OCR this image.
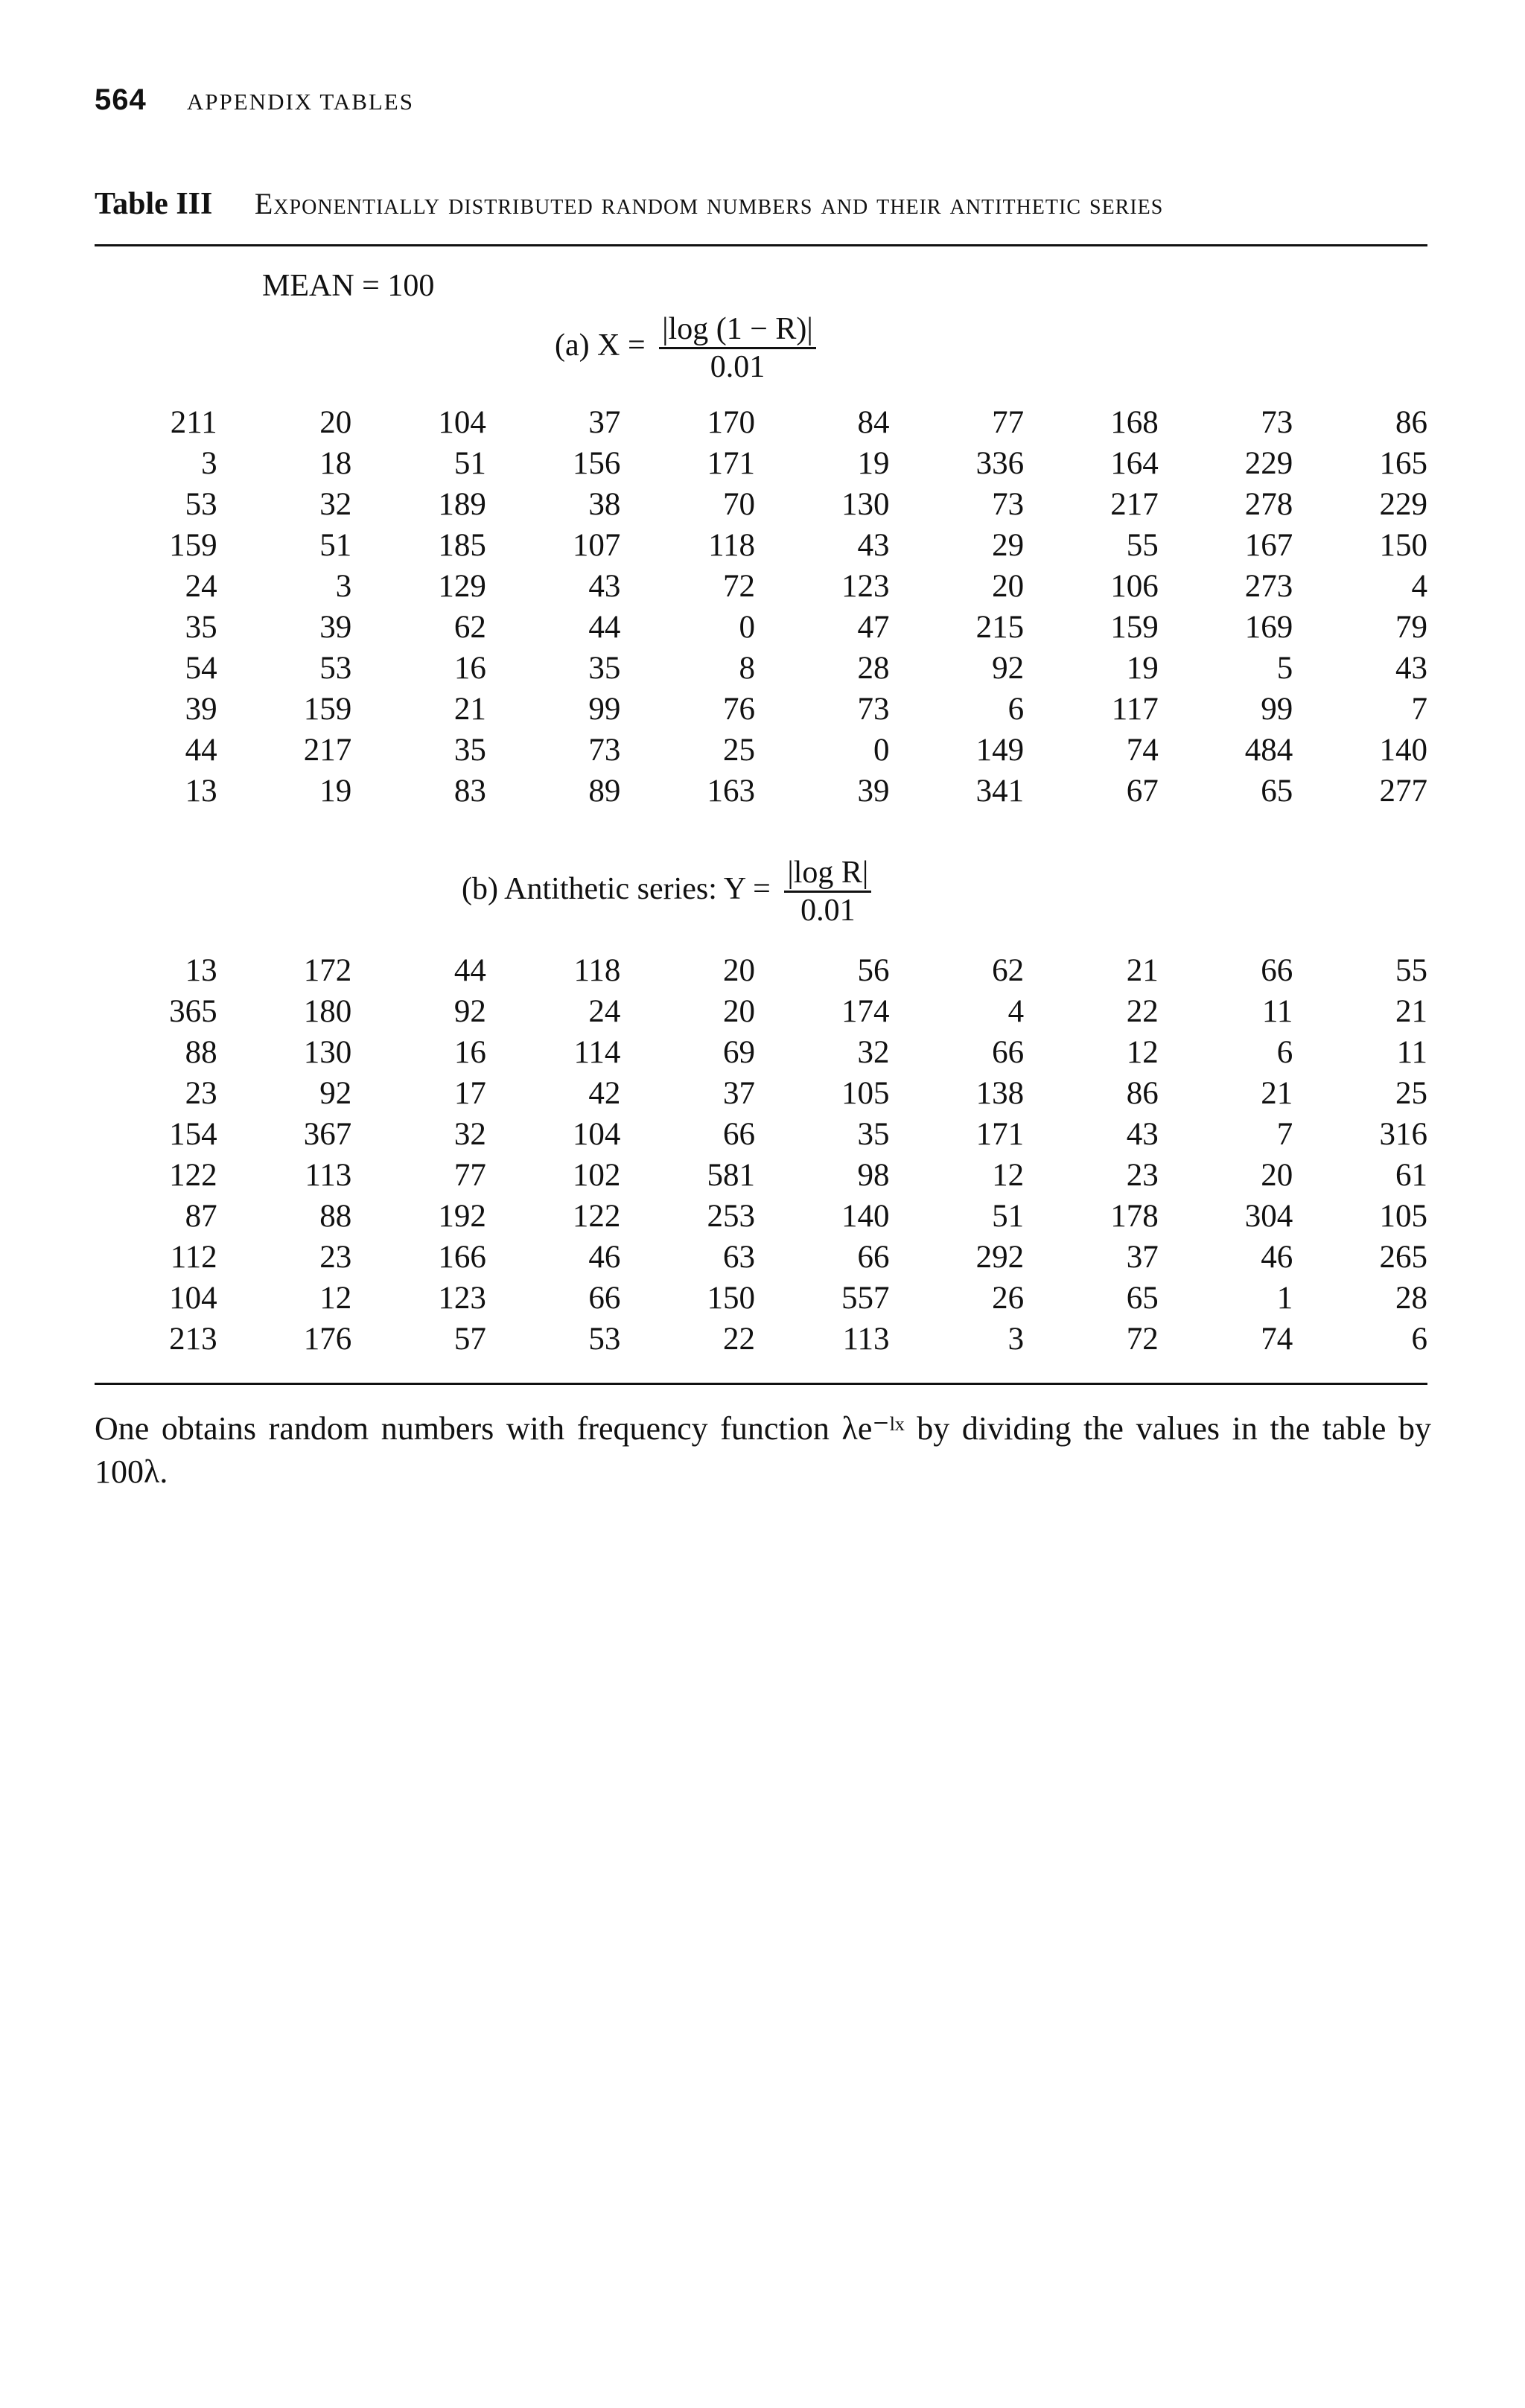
564 APPENDIX TABLES
Table III Exponentially distributed random numbers and their antithetic series
MEAN = 100
(a) $X = \frac{|\log (1 - R)|}{0.01}$
211	20	104	37	170	84	77	168	73	86
3	18	51	156	171	19	336	164	229	165
53	32	189	38	70	130	73	217	278	229
159	51	185	107	118	43	29	55	167	150
24	3	129	43	72	123	20	106	273	4
35	39	62	44	0	47	215	159	169	79
54	53	16	35	8	28	92	19	5	43
39	159	21	99	76	73	6	117	99	7
44	217	35	73	25	0	149	74	484	140
13	19	83	89	163	39	341	67	65	277
(b) Antithetic series: $Y = \frac{\text{|log R|}}{0.01}$
13	172	44	118	20	56	62	21	66	55
365	180	92	24	20	174	4	22	11	21
88	130	16	114	69	32	66	12	6	11
23	92	17	42	37	105	138	86	21	25
154	367	32	104	66	35	171	43	7	316
122	113	77	102	581	98	12	23	20	61
87	88	192	122	253	140	51	178	304	105
112	23	166	46	63	66	292	37	46	265
104	12	123	66	150	557	26	65	1	28
213	176	57	53	22	113	3	72	74	6
One obtains random numbers with frequency function λe⁻ˡˣ by dividing the values in the table by 100λ.
